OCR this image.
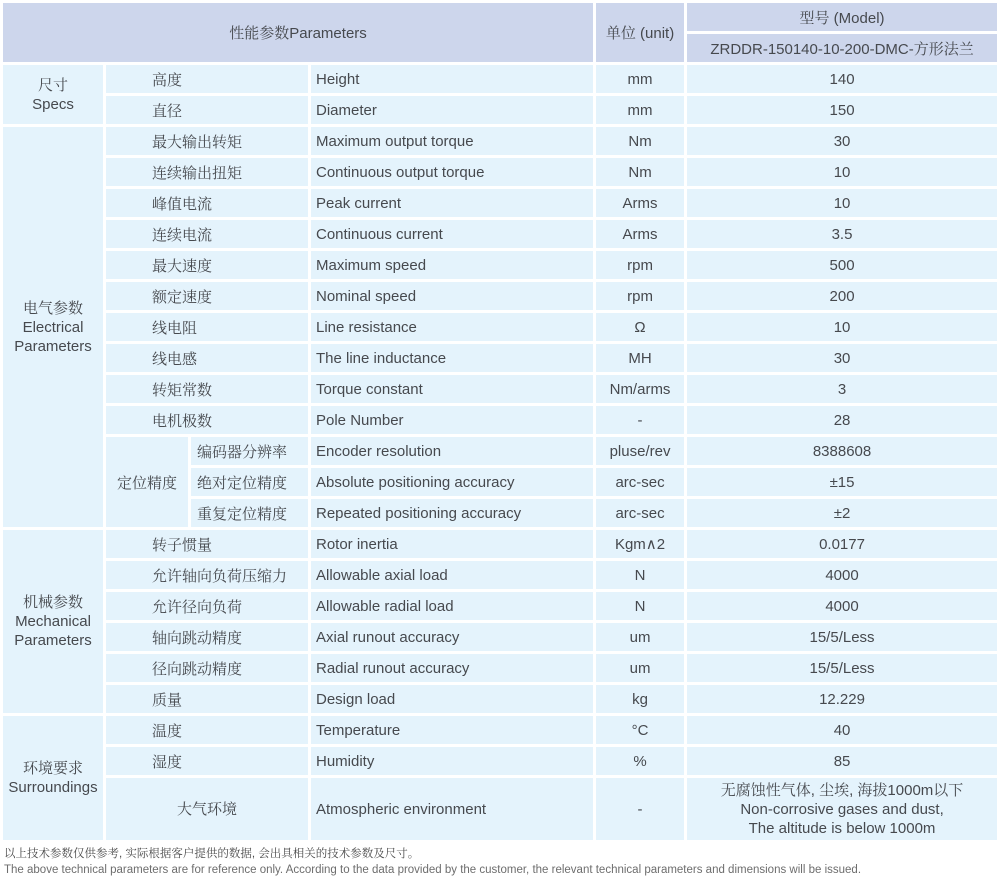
性能参数Parameters				单位 (unit)	型号 (Model)
					ZRDDR-150140-10-200-DMC-方形法兰

尺寸
Specs	高度		Height	mm	140
	直径		Diameter	mm	150

电气参数
Electrical Parameters	最大输出转矩		Maximum output torque	Nm	30
	连续输出扭矩		Continuous output torque	Nm	10
	峰值电流		Peak current	Arms	10
	连续电流		Continuous current	Arms	3.5
	最大速度		Maximum speed	rpm	500
	额定速度		Nominal speed	rpm	200
	线电阻		Line resistance	Ω	10
	线电感		The line inductance	MH	30
	转矩常数		Torque constant	Nm/arms	3
	电机极数		Pole Number	-	28
	定位精度	编码器分辨率	Encoder resolution	pluse/rev	8388608
		绝对定位精度	Absolute positioning accuracy	arc-sec	±15
		重复定位精度	Repeated positioning accuracy	arc-sec	±2

机械参数
Mechanical Parameters	转子惯量		Rotor inertia	Kgm∧2	0.0177
	允许轴向负荷压缩力		Allowable axial load	N	4000
	允许径向负荷		Allowable radial load	N	4000
	轴向跳动精度		Axial runout accuracy	um	15/5/Less
	径向跳动精度		Radial runout accuracy	um	15/5/Less
	质量		Design load	kg	12.229

环境要求
Surroundings	温度		Temperature	°C	40
	湿度		Humidity	%	85
	大气环境		Atmospheric environment	-	无腐蚀性气体, 尘埃, 海拔1000m以下
Non-corrosive gases and dust,
The altitude is below 1000m
以上技术参数仅供参考, 实际根据客户提供的数据, 会出具相关的技术参数及尺寸。
The above technical parameters are for reference only. According to the data provided by the customer, the relevant technical parameters and dimensions will be issued.
